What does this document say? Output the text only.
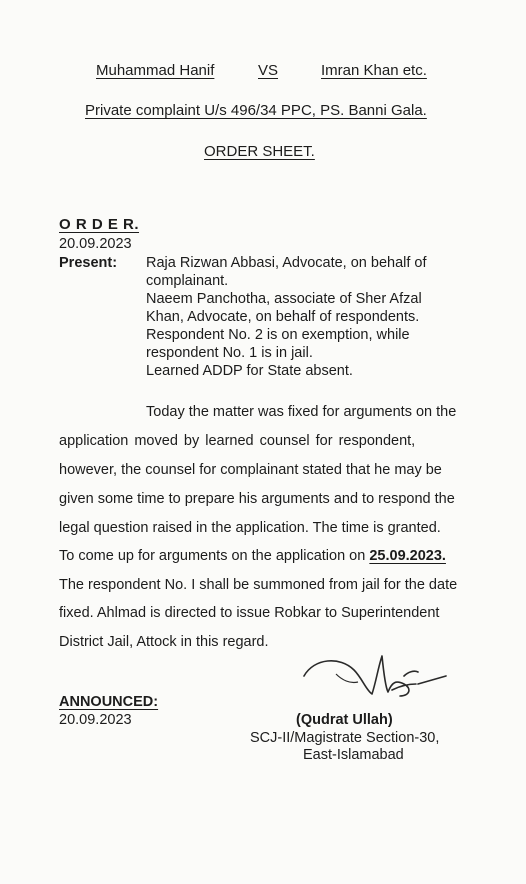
Muhammad Hanif	VS	Imran Khan etc.
Private complaint U/s 496/34 PPC, PS. Banni Gala.
ORDER SHEET.
O R D E R.
20.09.2023
Present: Raja Rizwan Abbasi, Advocate, on behalf of
complainant.
Naeem Panchotha, associate of Sher Afzal
Khan, Advocate, on behalf of respondents.
Respondent No. 2 is on exemption, while
respondent No. 1 is in jail.
Learned ADDP for State absent.
Today the matter was fixed for arguments on the
application moved by learned counsel for respondent,
however, the counsel for complainant stated that he may be
given some time to prepare his arguments and to respond the
legal question raised in the application. The time is granted.
To come up for arguments on the application on 25.09.2023.
The respondent No. I shall be summoned from jail for the date
fixed. Ahlmad is directed to issue Robkar to Superintendent
District Jail, Attock in this regard.
ANNOUNCED:
20.09.2023	(Qudrat Ullah)
SCJ-II/Magistrate Section-30,
East-Islamabad
